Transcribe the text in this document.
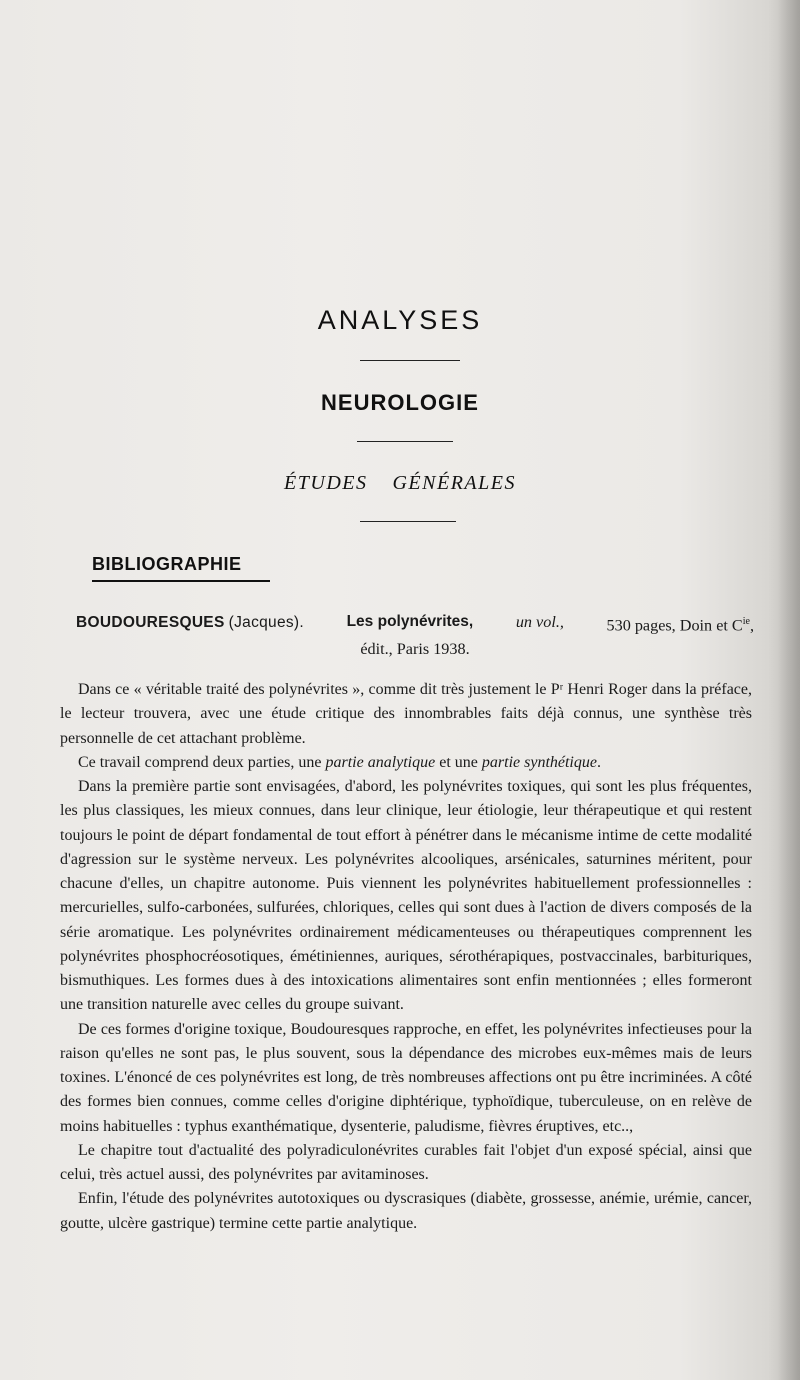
ANALYSES
NEUROLOGIE
ÉTUDES  GÉNÉRALES
BIBLIOGRAPHIE
BOUDOURESQUES (Jacques).	Les polynévrites,	un vol.,	530 pages, Doin et $C^{ie}$,
édit., Paris 1938.

Dans ce « véritable traité des polynévrites », comme dit très justement le Pʳ Henri Roger dans la préface, le lecteur trouvera, avec une étude critique des innombrables faits déjà connus, une synthèse très personnelle de cet attachant problème.

Ce travail comprend deux parties, une partie analytique et une partie synthétique.

Dans la première partie sont envisagées, d'abord, les polynévrites toxiques, qui sont les plus fréquentes, les plus classiques, les mieux connues, dans leur clinique, leur étiologie, leur thérapeutique et qui restent toujours le point de départ fondamental de tout effort à pénétrer dans le mécanisme intime de cette modalité d'agression sur le système nerveux. Les polynévrites alcooliques, arsénicales, saturnines méritent, pour chacune d'elles, un chapitre autonome. Puis viennent les polynévrites habituellement professionnelles : mercurielles, sulfo-carbonées, sulfurées, chloriques, celles qui sont dues à l'action de divers composés de la série aromatique. Les polynévrites ordinairement médicamenteuses ou thérapeutiques comprennent les polynévrites phosphocréosotiques, émétiniennes, auriques, sérothérapiques, postvaccinales, barbituriques, bismuthiques. Les formes dues à des intoxications alimentaires sont enfin mentionnées ; elles formeront une transition naturelle avec celles du groupe suivant.

De ces formes d'origine toxique, Boudouresques rapproche, en effet, les polynévrites infectieuses pour la raison qu'elles ne sont pas, le plus souvent, sous la dépendance des microbes eux-mêmes mais de leurs toxines. L'énoncé de ces polynévrites est long, de très nombreuses affections ont pu être incriminées. A côté des formes bien connues, comme celles d'origine diphtérique, typhoïdique, tuberculeuse, on en relève de moins habituelles : typhus exanthématique, dysenterie, paludisme, fièvres éruptives, etc..,

Le chapitre tout d'actualité des polyradiculonévrites curables fait l'objet d'un exposé spécial, ainsi que celui, très actuel aussi, des polynévrites par avitaminoses.

Enfin, l'étude des polynévrites autotoxiques ou dyscrasiques (diabète, grossesse, anémie, urémie, cancer, goutte, ulcère gastrique) termine cette partie analytique.
